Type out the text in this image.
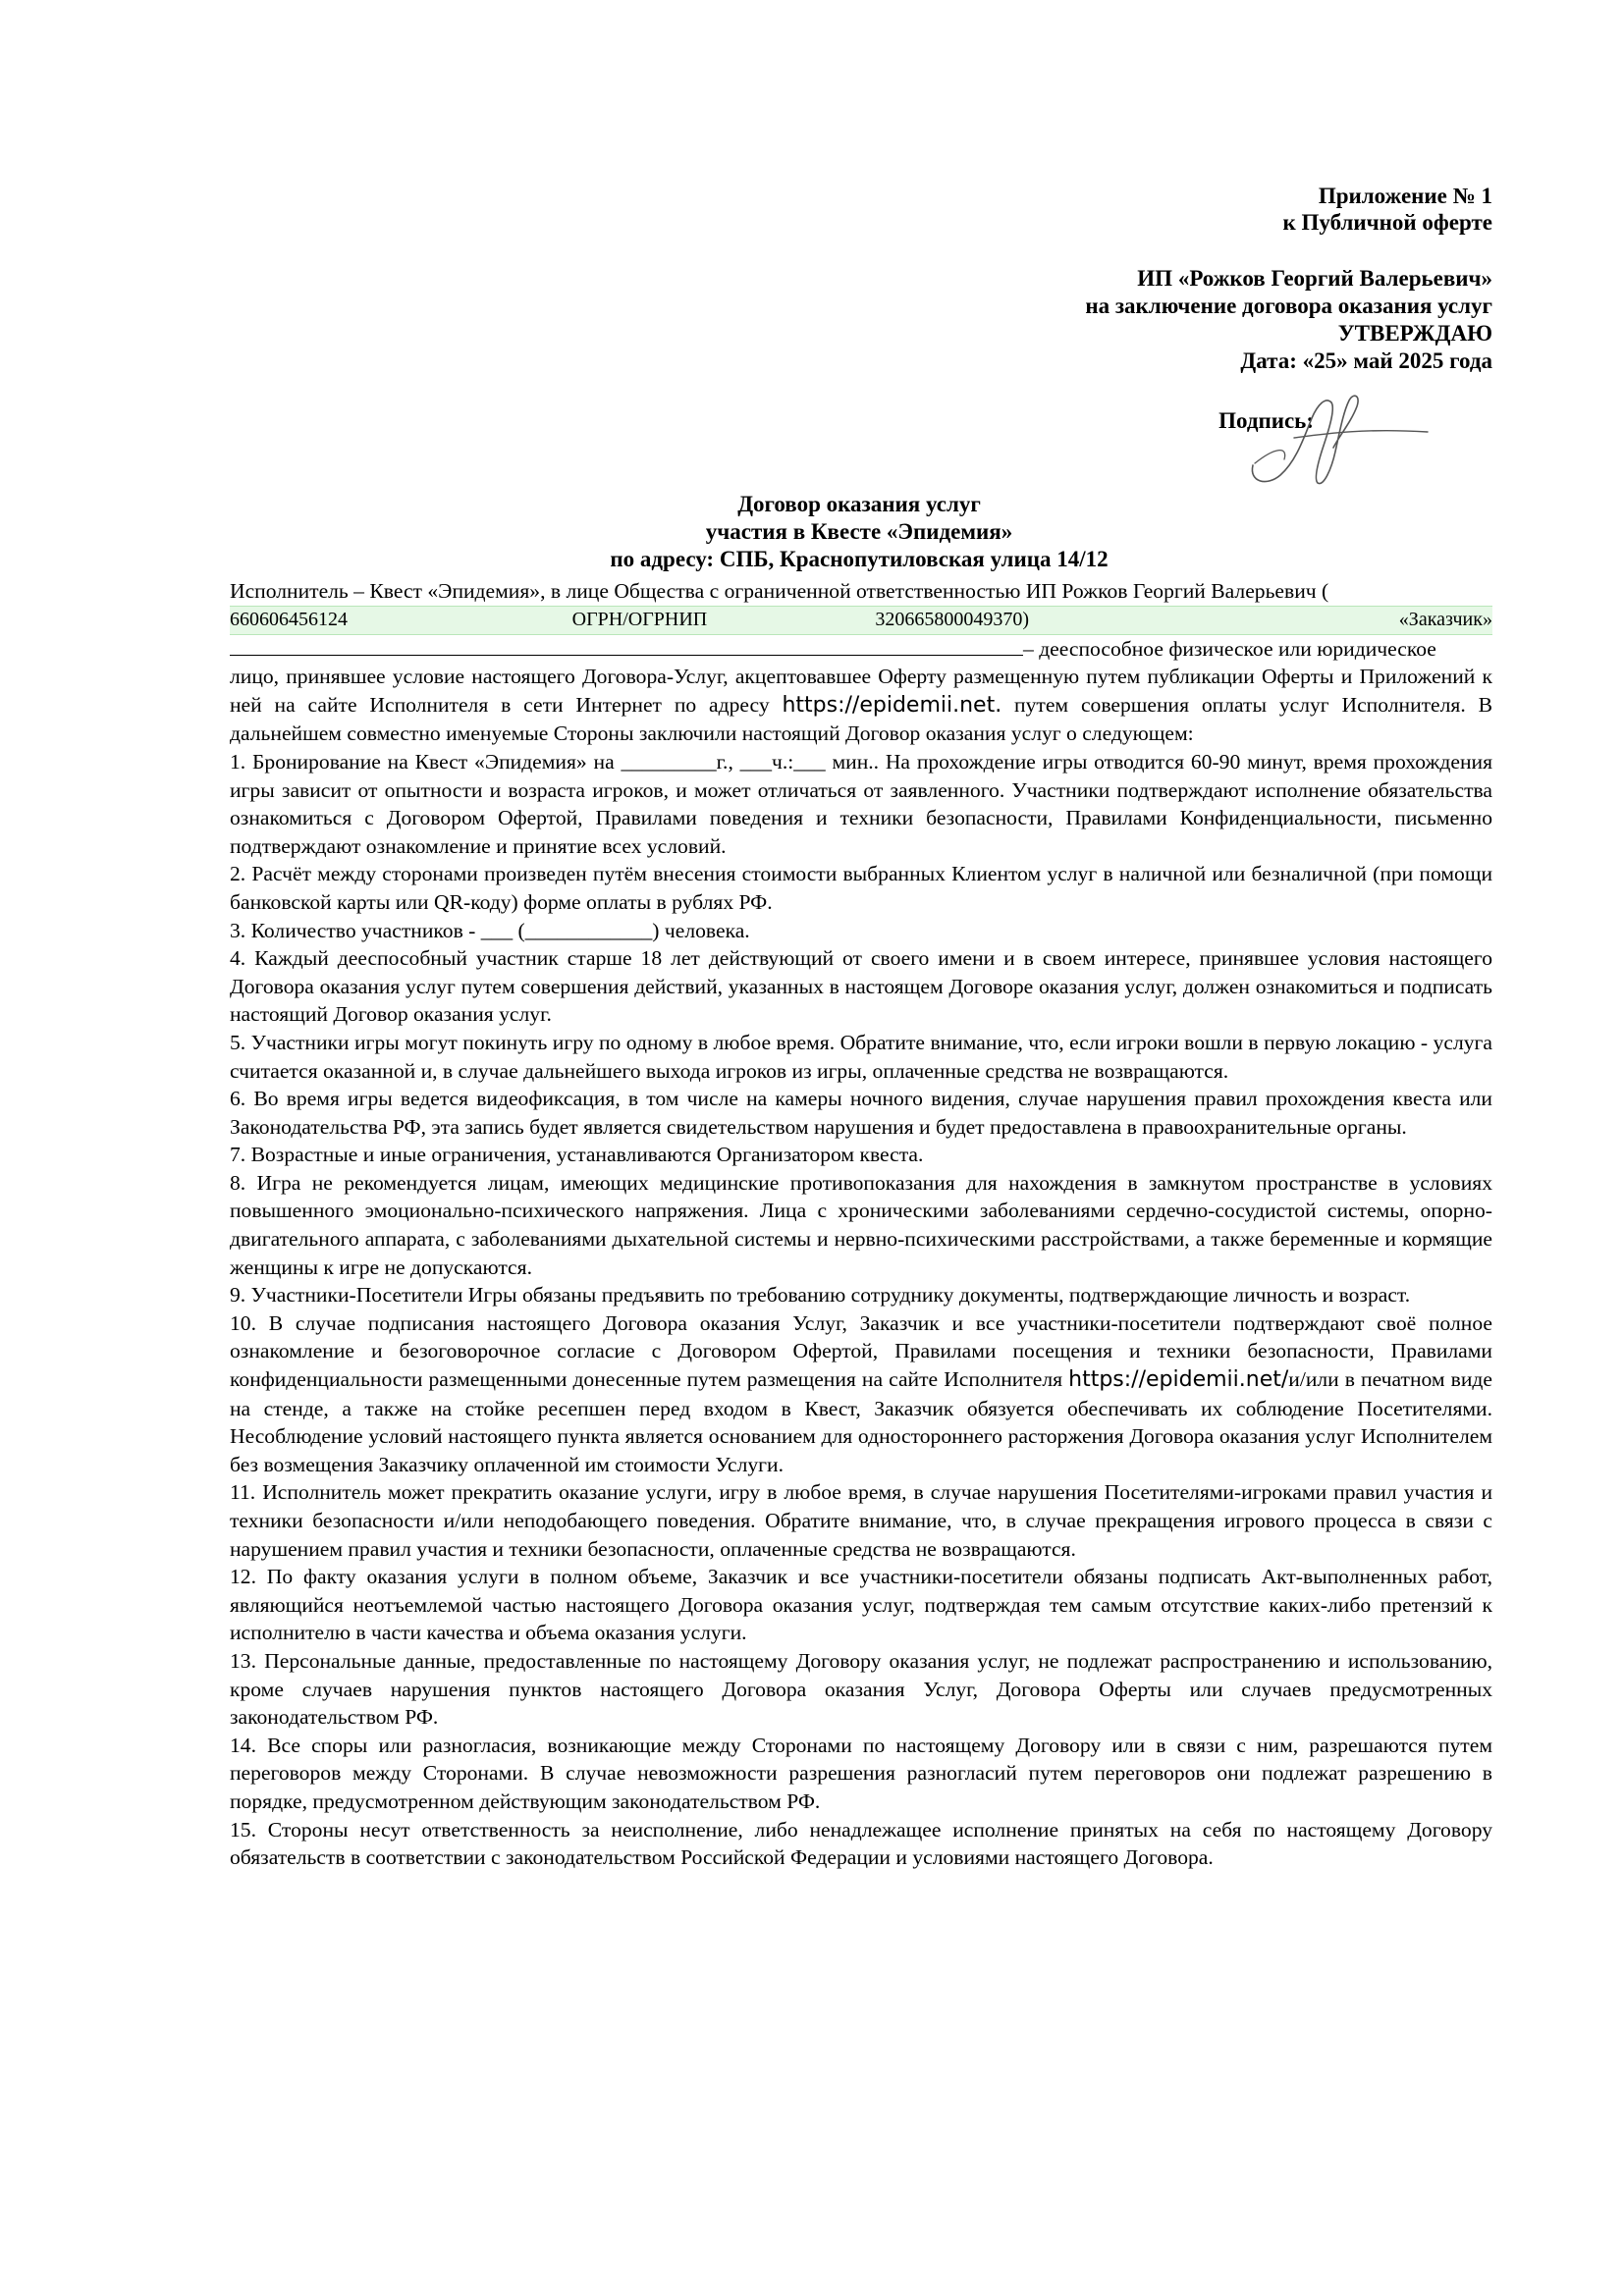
Приложение № 1
к Публичной оферте
ИП «Рожков Георгий Валерьевич»
на заключение договора оказания услуг
УТВЕРЖДАЮ
Дата: «25» май 2025 года
Подпись:
Договор оказания услуг
участия в Квесте «Эпидемия»
по адресу: СПБ, Краснопутиловская улица 14/12

Исполнитель – Квест «Эпидемия», в лице Общества с ограниченной ответственностью ИП Рожков Георгий Валерьевич (

660606456124	ОГРН/ОГРНИП	320665800049370)	«Заказчик»

– дееспособное физическое или юридическое

лицо, принявшее условие настоящего Договора-Услуг, акцептовавшее Оферту размещенную путем публикации Оферты и Приложений к ней на сайте Исполнителя в сети Интернет по адресу https://epidemii.net. путем совершения оплаты услуг Исполнителя. В дальнейшем совместно именуемые Стороны заключили настоящий Договор оказания услуг о следующем:

1. Бронирование на Квест «Эпидемия» на _________г., ___ч.:___ мин.. На прохождение игры отводится 60-90 минут, время прохождения игры зависит от опытности и возраста игроков, и может отличаться от заявленного. Участники подтверждают исполнение обязательства ознакомиться с Договором Офертой, Правилами поведения и техники безопасности, Правилами Конфиденциальности, письменно подтверждают ознакомление и принятие всех условий.

2. Расчёт между сторонами произведен путём внесения стоимости выбранных Клиентом услуг в наличной или безналичной (при помощи банковской карты или QR-коду) форме оплаты в рублях РФ.

3. Количество участников - ___ (____________) человека.

4. Каждый дееспособный участник старше 18 лет действующий от своего имени и в своем интересе, принявшее условия настоящего Договора оказания услуг путем совершения действий, указанных в настоящем Договоре оказания услуг, должен ознакомиться и подписать настоящий Договор оказания услуг.

5. Участники игры могут покинуть игру по одному в любое время. Обратите внимание, что, если игроки вошли в первую локацию - услуга считается оказанной и, в случае дальнейшего выхода игроков из игры, оплаченные средства не возвращаются.

6. Во время игры ведется видеофиксация, в том числе на камеры ночного видения, случае нарушения правил прохождения квеста или Законодательства РФ, эта запись будет является свидетельством нарушения и будет предоставлена в правоохранительные органы.

7. Возрастные и иные ограничения, устанавливаются Организатором квеста.

8. Игра не рекомендуется лицам, имеющих медицинские противопоказания для нахождения в замкнутом пространстве в условиях повышенного эмоционально-психического напряжения. Лица с хроническими заболеваниями сердечно-сосудистой системы, опорно-двигательного аппарата, с заболеваниями дыхательной системы и нервно-психическими расстройствами, а также беременные и кормящие женщины к игре не допускаются.

9. Участники-Посетители Игры обязаны предъявить по требованию сотруднику документы, подтверждающие личность и возраст.

10. В случае подписания настоящего Договора оказания Услуг, Заказчик и все участники-посетители подтверждают своё полное ознакомление и безоговорочное согласие с Договором Офертой, Правилами посещения и техники безопасности, Правилами конфиденциальности размещенными донесенные путем размещения на сайте Исполнителя https://epidemii.net/и/или в печатном виде на стенде, а также на стойке ресепшен перед входом в Квест, Заказчик обязуется обеспечивать их соблюдение Посетителями. Несоблюдение условий настоящего пункта является основанием для одностороннего расторжения Договора оказания услуг Исполнителем без возмещения Заказчику оплаченной им стоимости Услуги.

11. Исполнитель может прекратить оказание услуги, игру в любое время, в случае нарушения Посетителями-игроками правил участия и техники безопасности и/или неподобающего поведения. Обратите внимание, что, в случае прекращения игрового процесса в связи с нарушением правил участия и техники безопасности, оплаченные средства не возвращаются.

12. По факту оказания услуги в полном объеме, Заказчик и все участники-посетители обязаны подписать Акт-выполненных работ, являющийся неотъемлемой частью настоящего Договора оказания услуг, подтверждая тем самым отсутствие каких-либо претензий к исполнителю в части качества и объема оказания услуги.

13. Персональные данные, предоставленные по настоящему Договору оказания услуг, не подлежат распространению и использованию, кроме случаев нарушения пунктов настоящего Договора оказания Услуг, Договора Оферты или случаев предусмотренных законодательством РФ.

14. Все споры или разногласия, возникающие между Сторонами по настоящему Договору или в связи с ним, разрешаются путем переговоров между Сторонами. В случае невозможности разрешения разногласий путем переговоров они подлежат разрешению в порядке, предусмотренном действующим законодательством РФ.

15. Стороны несут ответственность за неисполнение, либо ненадлежащее исполнение принятых на себя по настоящему Договору обязательств в соответствии с законодательством Российской Федерации и условиями настоящего Договора.
